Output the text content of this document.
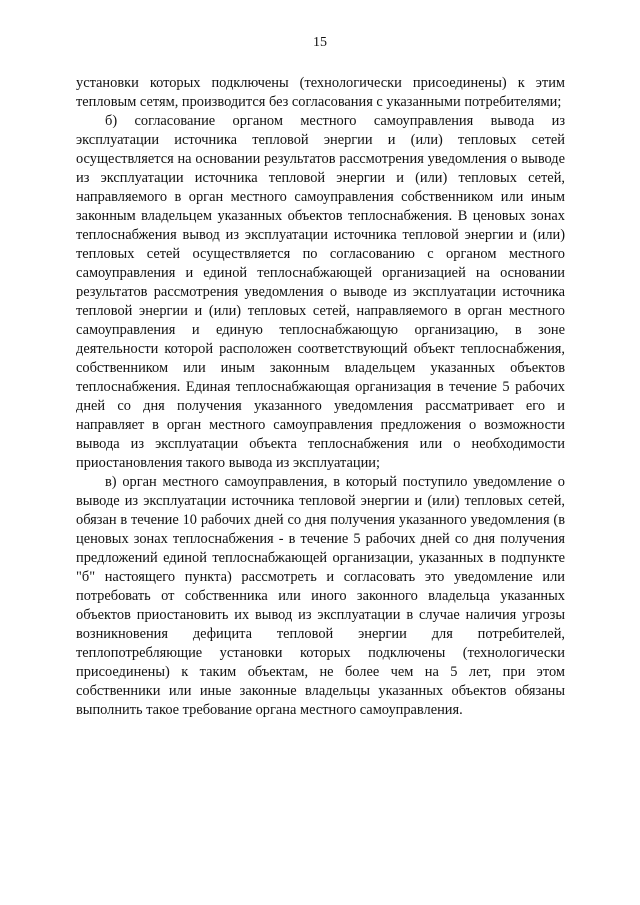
15

установки которых подключены (технологически присоединены) к этим тепловым сетям, производится без согласования с указанными потребителями;

б) согласование органом местного самоуправления вывода из эксплуатации источника тепловой энергии и (или) тепловых сетей осуществляется на основании результатов рассмотрения уведомления о выводе из эксплуатации источника тепловой энергии и (или) тепловых сетей, направляемого в орган местного самоуправления собственником или иным законным владельцем указанных объектов теплоснабжения. В ценовых зонах теплоснабжения вывод из эксплуатации источника тепловой энергии и (или) тепловых сетей осуществляется по согласованию с органом местного самоуправления и единой теплоснабжающей организацией на основании результатов рассмотрения уведомления о выводе из эксплуатации источника тепловой энергии и (или) тепловых сетей, направляемого в орган местного самоуправления и единую теплоснабжающую организацию, в зоне деятельности которой расположен соответствующий объект теплоснабжения, собственником или иным законным владельцем указанных объектов теплоснабжения. Единая теплоснабжающая организация в течение 5 рабочих дней со дня получения указанного уведомления рассматривает его и направляет в орган местного самоуправления предложения о возможности вывода из эксплуатации объекта теплоснабжения или о необходимости приостановления такого вывода из эксплуатации;

в) орган местного самоуправления, в который поступило уведомление о выводе из эксплуатации источника тепловой энергии и (или) тепловых сетей, обязан в течение 10 рабочих дней со дня получения указанного уведомления (в ценовых зонах теплоснабжения - в течение 5 рабочих дней со дня получения предложений единой теплоснабжающей организации, указанных в подпункте "б" настоящего пункта) рассмотреть и согласовать это уведомление или потребовать от собственника или иного законного владельца указанных объектов приостановить их вывод из эксплуатации в случае наличия угрозы возникновения дефицита тепловой энергии для потребителей, теплопотребляющие установки которых подключены (технологически присоединены) к таким объектам, не более чем на 5 лет, при этом собственники или иные законные владельцы указанных объектов обязаны выполнить такое требование органа местного самоуправления.
